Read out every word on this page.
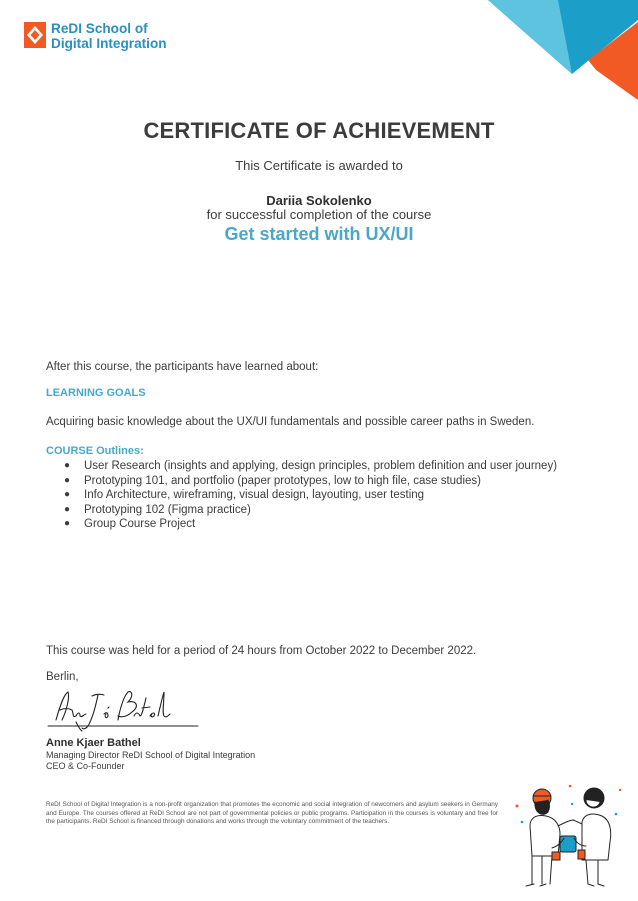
ReDI School of
Digital Integration
CERTIFICATE OF ACHIEVEMENT
This Certificate is awarded to
Dariia Sokolenko
for successful completion of the course
Get started with UX/UI
After this course, the participants have learned about:
LEARNING GOALS
Acquiring basic knowledge about the UX/UI fundamentals and possible career paths in Sweden.
COURSE Outlines:
● User Research (insights and applying, design principles, problem definition and user journey)
● Prototyping 101, and portfolio (paper prototypes, low to high file, case studies)
● Info Architecture, wireframing, visual design, layouting, user testing
● Prototyping 102 (Figma practice)
● Group Course Project
This course was held for a period of 24 hours from October 2022 to December 2022.
Berlin,
Anne Kjaer Bathel
Managing Director ReDI School of Digital Integration
CEO & Co-Founder
ReDI School of Digital Integration is a non-profit organization that promotes the economic and social integration of newcomers and asylum seekers in Germany and Europe. The courses offered at ReDI School are not part of governmental policies or public programs. Participation in the courses is voluntary and free for the participants. ReDI School is financed through donations and works through the voluntary commitment of the teachers.
